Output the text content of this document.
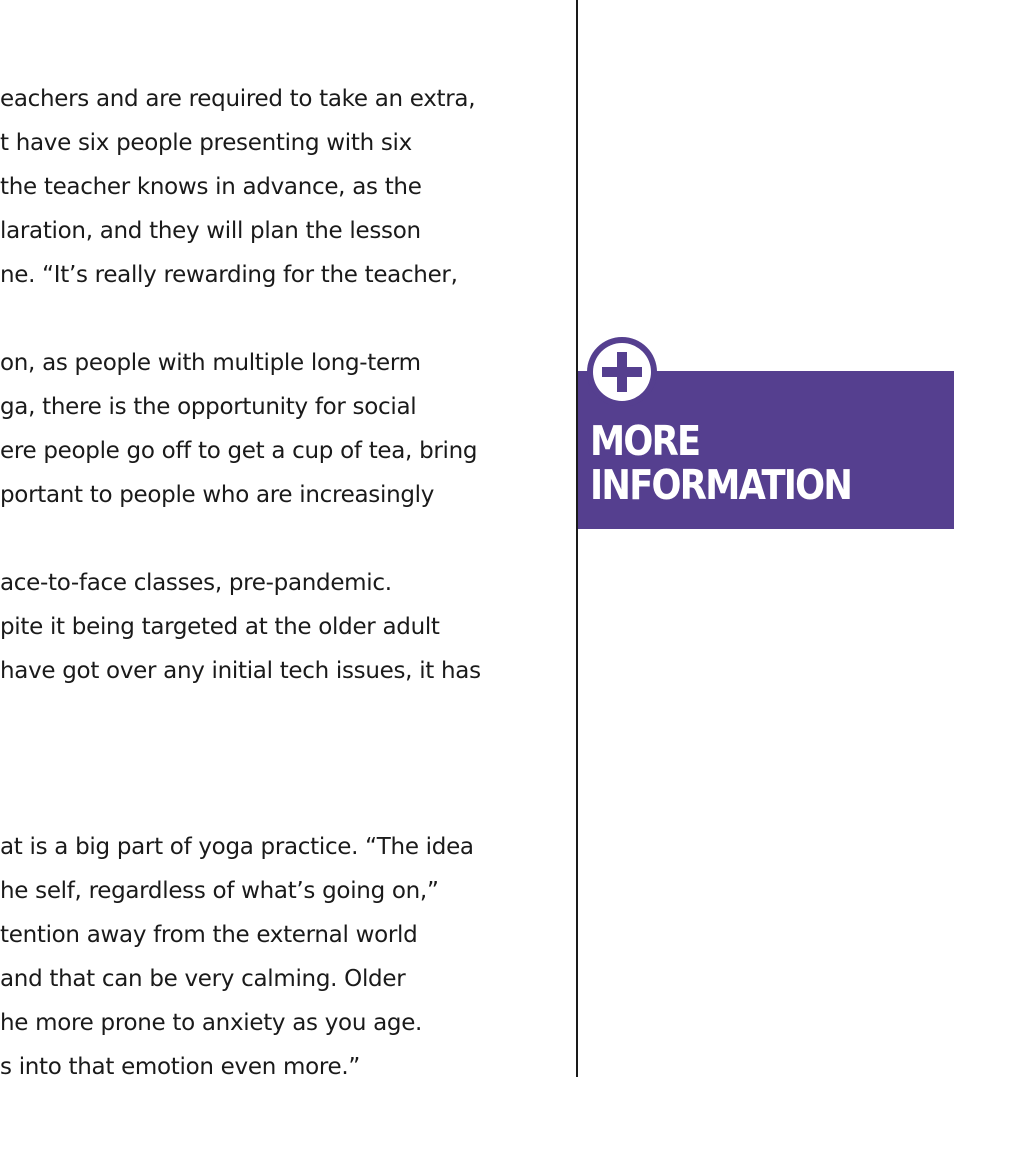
eachers and are required to take an extra,
t have six people presenting with six
the teacher knows in advance, as the
laration, and they will plan the lesson
ne. “It’s really rewarding for the teacher,
on, as people with multiple long-term
ga, there is the opportunity for social
ere people go off to get a cup of tea, bring
portant to people who are increasingly
ace-to-face classes, pre-pandemic.
pite it being targeted at the older adult
have got over any initial tech issues, it has
at is a big part of yoga practice. “The idea
he self, regardless of what’s going on,”
tention away from the external world
and that can be very calming. Older
he more prone to anxiety as you age.
s into that emotion even more.”
MORE
INFORMATION
